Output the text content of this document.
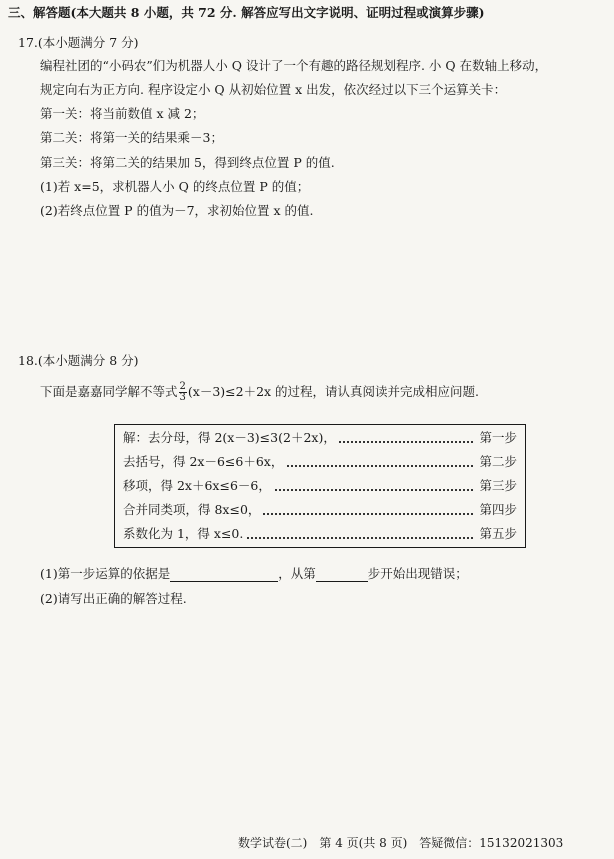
三、解答题(本大题共 8 小题，共 72 分. 解答应写出文字说明、证明过程或演算步骤)
17.(本小题满分 7 分)
编程社团的“小码农”们为机器人小 Q 设计了一个有趣的路径规划程序. 小 Q 在数轴上移动，
规定向右为正方向. 程序设定小 Q 从初始位置 x 出发，依次经过以下三个运算关卡：
第一关：将当前数值 x 减 2；
第二关：将第一关的结果乘－3；
第三关：将第二关的结果加 5，得到终点位置 P 的值.
(1)若 x=5，求机器人小 Q 的终点位置 P 的值；
(2)若终点位置 P 的值为－7，求初始位置 x 的值.
18.(本小题满分 8 分)
下面是嘉嘉同学解不等式 $\frac{2}{3} (x-3)\le 2+2x$ 的过程，请认真阅读并完成相应问题.
解：去分母，得 2(x－3)≤3(2＋2x)，	第一步
去括号，得 2x－6≤6＋6x，	第二步
移项，得 2x＋6x≤6－6，	第三步
合并同类项，得 8x≤0，	第四步
系数化为 1，得 x≤0.	第五步
(1)第一步运算的依据是	，从第	步开始出现错误；
(2)请写出正确的解答过程.
数学试卷(二) 第 4 页(共 8 页) 答疑微信：15132021303
